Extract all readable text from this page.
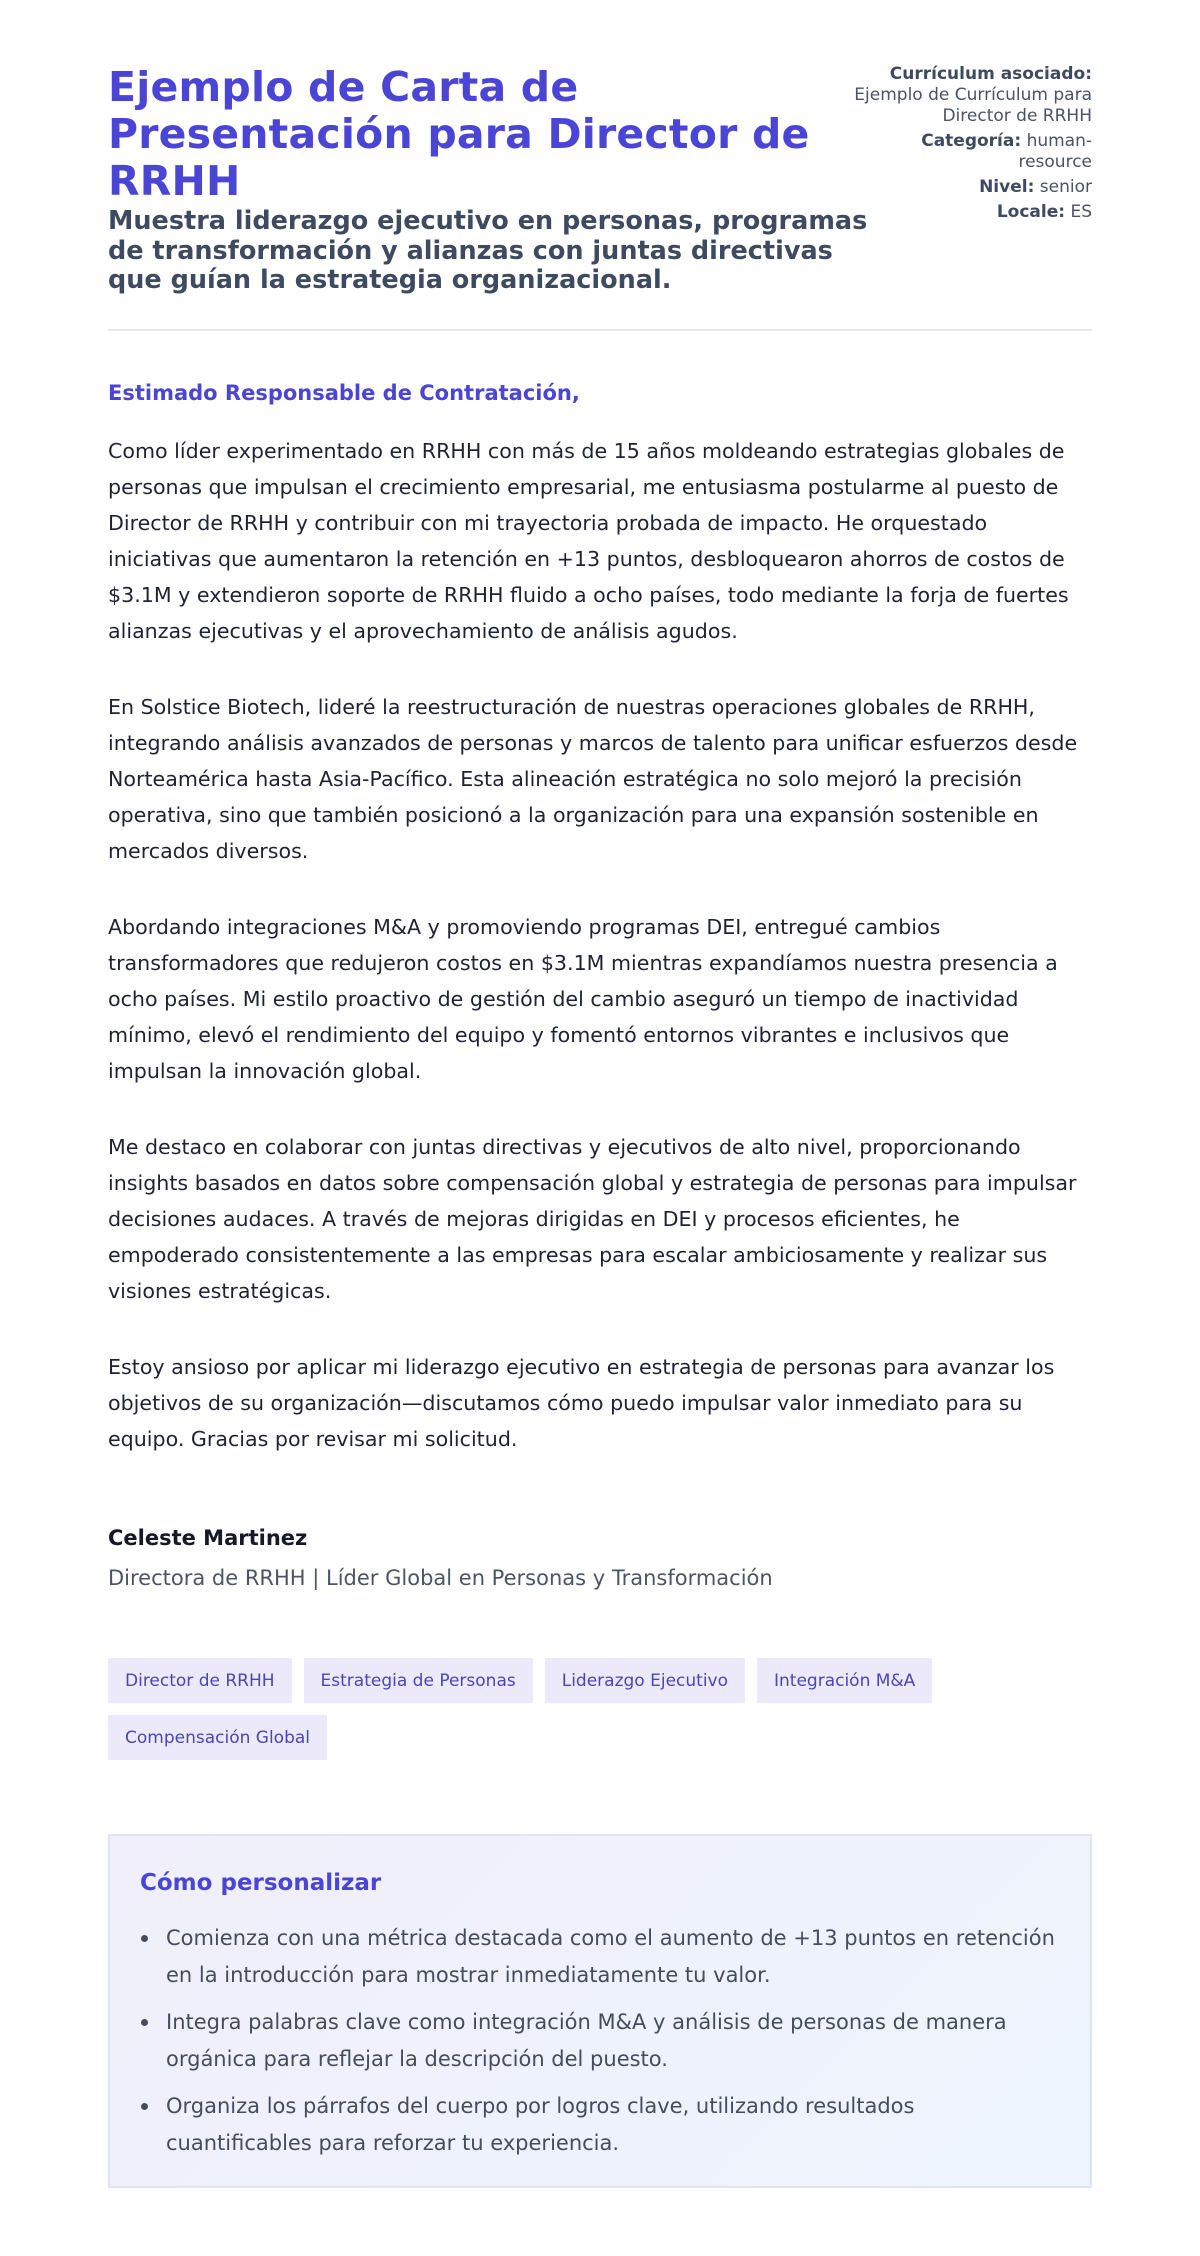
Ejemplo de Carta de Presentación para Director de RRHH
Muestra liderazgo ejecutivo en personas, programas de transformación y alianzas con juntas directivas que guían la estrategia organizacional.
Currículum asociado: Ejemplo de Currículum para Director de RRHH
Categoría: human-resource
Nivel: senior
Locale: ES

Estimado Responsable de Contratación,

Como líder experimentado en RRHH con más de 15 años moldeando estrategias globales de personas que impulsan el crecimiento empresarial, me entusiasma postularme al puesto de Director de RRHH y contribuir con mi trayectoria probada de impacto. He orquestado iniciativas que aumentaron la retención en +13 puntos, desbloquearon ahorros de costos de $3.1M y extendieron soporte de RRHH fluido a ocho países, todo mediante la forja de fuertes alianzas ejecutivas y el aprovechamiento de análisis agudos.

En Solstice Biotech, lideré la reestructuración de nuestras operaciones globales de RRHH, integrando análisis avanzados de personas y marcos de talento para unificar esfuerzos desde Norteamérica hasta Asia-Pacífico. Esta alineación estratégica no solo mejoró la precisión operativa, sino que también posicionó a la organización para una expansión sostenible en mercados diversos.

Abordando integraciones M&A y promoviendo programas DEI, entregué cambios transformadores que redujeron costos en $3.1M mientras expandíamos nuestra presencia a ocho países. Mi estilo proactivo de gestión del cambio aseguró un tiempo de inactividad mínimo, elevó el rendimiento del equipo y fomentó entornos vibrantes e inclusivos que impulsan la innovación global.

Me destaco en colaborar con juntas directivas y ejecutivos de alto nivel, proporcionando insights basados en datos sobre compensación global y estrategia de personas para impulsar decisiones audaces. A través de mejoras dirigidas en DEI y procesos eficientes, he empoderado consistentemente a las empresas para escalar ambiciosamente y realizar sus visiones estratégicas.

Estoy ansioso por aplicar mi liderazgo ejecutivo en estrategia de personas para avanzar los objetivos de su organización—discutamos cómo puedo impulsar valor inmediato para su equipo. Gracias por revisar mi solicitud.

Celeste Martinez
Directora de RRHH | Líder Global en Personas y Transformación
Director de RRHH	Estrategia de Personas	Liderazgo Ejecutivo	Integración M&A
Compensación Global
Cómo personalizar
Comienza con una métrica destacada como el aumento de +13 puntos en retención en la introducción para mostrar inmediatamente tu valor.
Integra palabras clave como integración M&A y análisis de personas de manera orgánica para reflejar la descripción del puesto.
Organiza los párrafos del cuerpo por logros clave, utilizando resultados cuantificables para reforzar tu experiencia.
